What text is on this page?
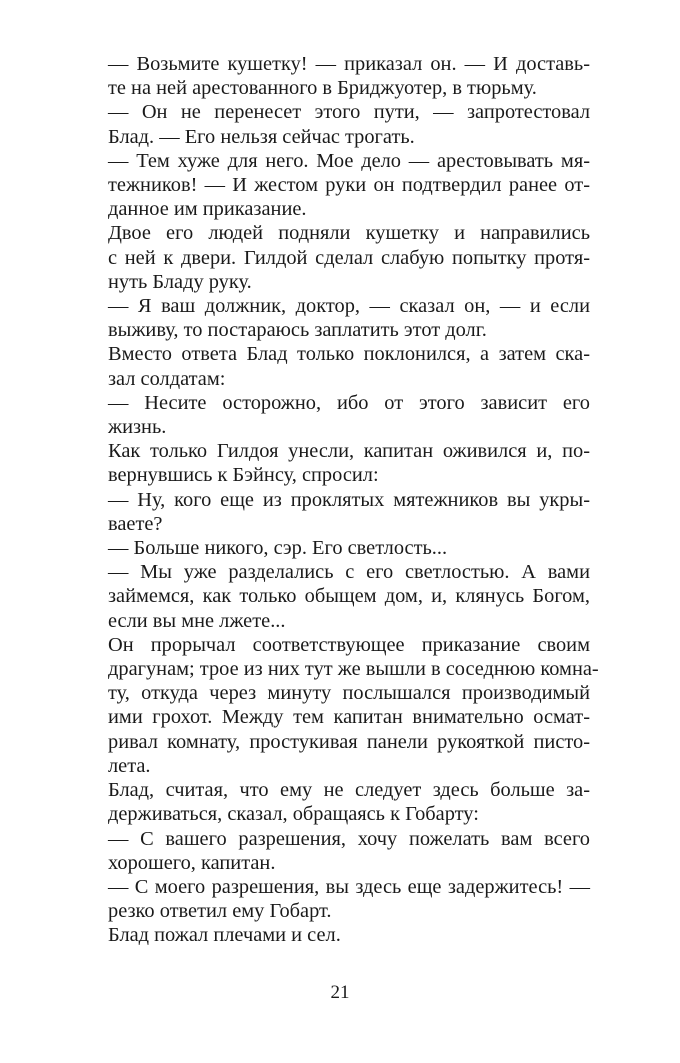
— Возьмите кушетку! — приказал он. — И доставь-
те на ней арестованного в Бриджуотер, в тюрьму.

— Он не перенесет этого пути, — запротестовал
Блад. — Его нельзя сейчас трогать.

— Тем хуже для него. Мое дело — арестовывать мя-
тежников! — И жестом руки он подтвердил ранее от-
данное им приказание.

Двое его людей подняли кушетку и направились
с ней к двери. Гилдой сделал слабую попытку протя-
нуть Бладу руку.

— Я ваш должник, доктор, — сказал он, — и если
выживу, то постараюсь заплатить этот долг.

Вместо ответа Блад только поклонился, а затем ска-
зал солдатам:

— Несите осторожно, ибо от этого зависит его
жизнь.

Как только Гилдоя унесли, капитан оживился и, по-
вернувшись к Бэйнсу, спросил:

— Ну, кого еще из проклятых мятежников вы укры-
ваете?

— Больше никого, сэр. Его светлость...

— Мы уже разделались с его светлостью. А вами
займемся, как только обыщем дом, и, клянусь Богом,
если вы мне лжете...

Он прорычал соответствующее приказание своим
драгунам; трое из них тут же вышли в соседнюю комна-
ту, откуда через минуту послышался производимый
ими грохот. Между тем капитан внимательно осмат-
ривал комнату, простукивая панели рукояткой писто-
лета.

Блад, считая, что ему не следует здесь больше за-
держиваться, сказал, обращаясь к Гобарту:

— С вашего разрешения, хочу пожелать вам всего
хорошего, капитан.

— С моего разрешения, вы здесь еще задержитесь! —
резко ответил ему Гобарт.

Блад пожал плечами и сел.

21
